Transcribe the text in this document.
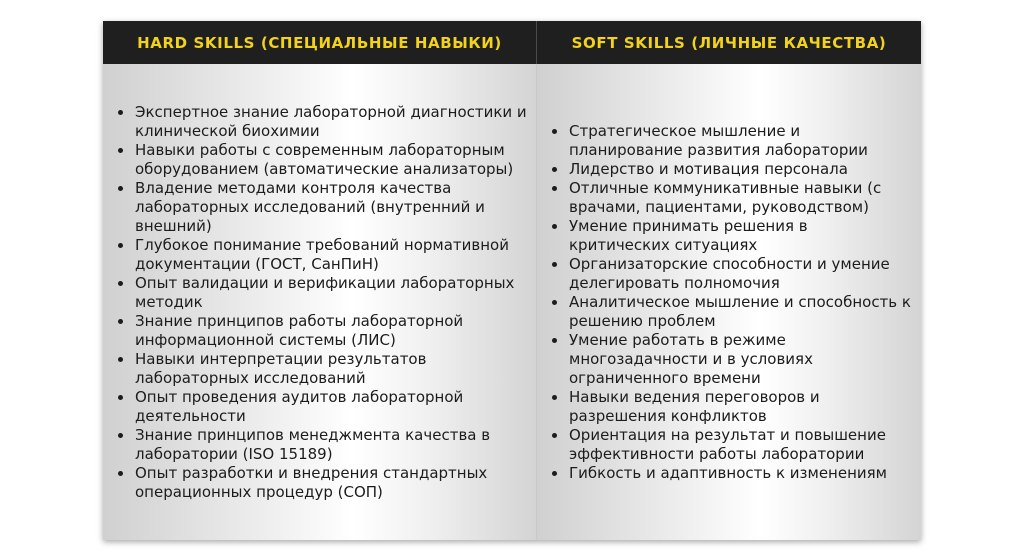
HARD SKILLS (СПЕЦИАЛЬНЫЕ НАВЫКИ)	SOFT SKILLS (ЛИЧНЫЕ КАЧЕСТВА)
Экспертное знание лабораторной диагностики и клинической биохимии
Навыки работы с современным лабораторным оборудованием (автоматические анализаторы)
Владение методами контроля качества лабораторных исследований (внутренний и внешний)
Глубокое понимание требований нормативной документации (ГОСТ, СанПиН)
Опыт валидации и верификации лабораторных методик
Знание принципов работы лабораторной информационной системы (ЛИС)
Навыки интерпретации результатов лабораторных исследований
Опыт проведения аудитов лабораторной деятельности
Знание принципов менеджмента качества в лаборатории (ISO 15189)
Опыт разработки и внедрения стандартных операционных процедур (СОП)
Стратегическое мышление и планирование развития лаборатории
Лидерство и мотивация персонала
Отличные коммуникативные навыки (с врачами, пациентами, руководством)
Умение принимать решения в критических ситуациях
Организаторские способности и умение делегировать полномочия
Аналитическое мышление и способность к решению проблем
Умение работать в режиме многозадачности и в условиях ограниченного времени
Навыки ведения переговоров и разрешения конфликтов
Ориентация на результат и повышение эффективности работы лаборатории
Гибкость и адаптивность к изменениям
